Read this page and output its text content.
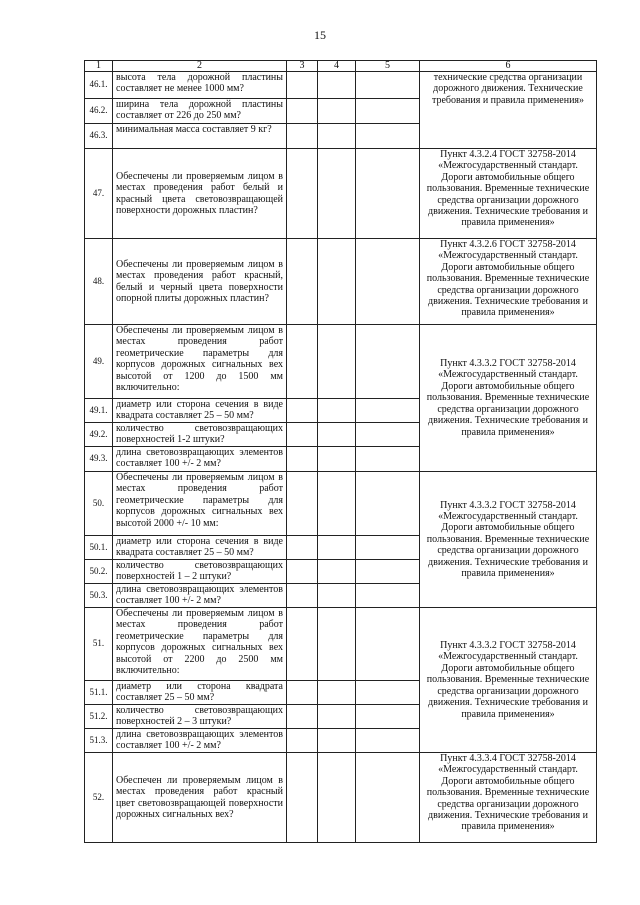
15
1	2	3	4	5	6
46.1.	высота тела дорожной пластины составляет не менее 1000 мм?				технические средства организации дорожного движения. Технические требования и правила применения»
46.2.	ширина тела дорожной пластины составляет от 226 до 250 мм?				
46.3.	минимальная масса составляет 9 кг?				
47.	Обеспечены ли проверяемым лицом в местах проведения работ белый и красный цвета световозвращающей поверхности дорожных пластин?				Пункт 4.3.2.4 ГОСТ 32758-2014 «Межгосударственный стандарт. Дороги автомобильные общего пользования. Временные технические средства организации дорожного движения. Технические требования и правила применения»
48.	Обеспечены ли проверяемым лицом в местах проведения работ красный, белый и черный цвета поверхности опорной плиты дорожных пластин?				Пункт 4.3.2.6 ГОСТ 32758-2014 «Межгосударственный стандарт. Дороги автомобильные общего пользования. Временные технические средства организации дорожного движения. Технические требования и правила применения»
49.	Обеспечены ли проверяемым лицом в местах проведения работ геометрические параметры для корпусов дорожных сигнальных вех высотой от 1200 до 1500 мм включительно:				Пункт 4.3.3.2 ГОСТ 32758-2014 «Межгосударственный стандарт. Дороги автомобильные общего пользования. Временные технические средства организации дорожного движения. Технические требования и правила применения»
49.1.	диаметр или сторона сечения в виде квадрата составляет 25 – 50 мм?				
49.2.	количество световозвращающих поверхностей 1-2 штуки?				
49.3.	длина световозвращающих элементов составляет 100 +/- 2 мм?				
50.	Обеспечены ли проверяемым лицом в местах проведения работ геометрические параметры для корпусов дорожных сигнальных вех высотой 2000 +/- 10 мм:				Пункт 4.3.3.2 ГОСТ 32758-2014 «Межгосударственный стандарт. Дороги автомобильные общего пользования. Временные технические средства организации дорожного движения. Технические требования и правила применения»
50.1.	диаметр или сторона сечения в виде квадрата составляет 25 – 50 мм?				
50.2.	количество световозвращающих поверхностей 1 – 2 штуки?				
50.3.	длина световозвращающих элементов составляет 100 +/- 2 мм?				
51.	Обеспечены ли проверяемым лицом в местах проведения работ геометрические параметры для корпусов дорожных сигнальных вех высотой от 2200 до 2500 мм включительно:				Пункт 4.3.3.2 ГОСТ 32758-2014 «Межгосударственный стандарт. Дороги автомобильные общего пользования. Временные технические средства организации дорожного движения. Технические требования и правила применения»
51.1.	диаметр или сторона квадрата составляет 25 – 50 мм?				
51.2.	количество световозвращающих поверхностей 2 – 3 штуки?				
51.3.	длина световозвращающих элементов составляет 100 +/- 2 мм?				
52.	Обеспечен ли проверяемым лицом в местах проведения работ красный цвет световозвращающей поверхности дорожных сигнальных вех?				Пункт 4.3.3.4 ГОСТ 32758-2014 «Межгосударственный стандарт. Дороги автомобильные общего пользования. Временные технические средства организации дорожного движения. Технические требования и правила применения»
